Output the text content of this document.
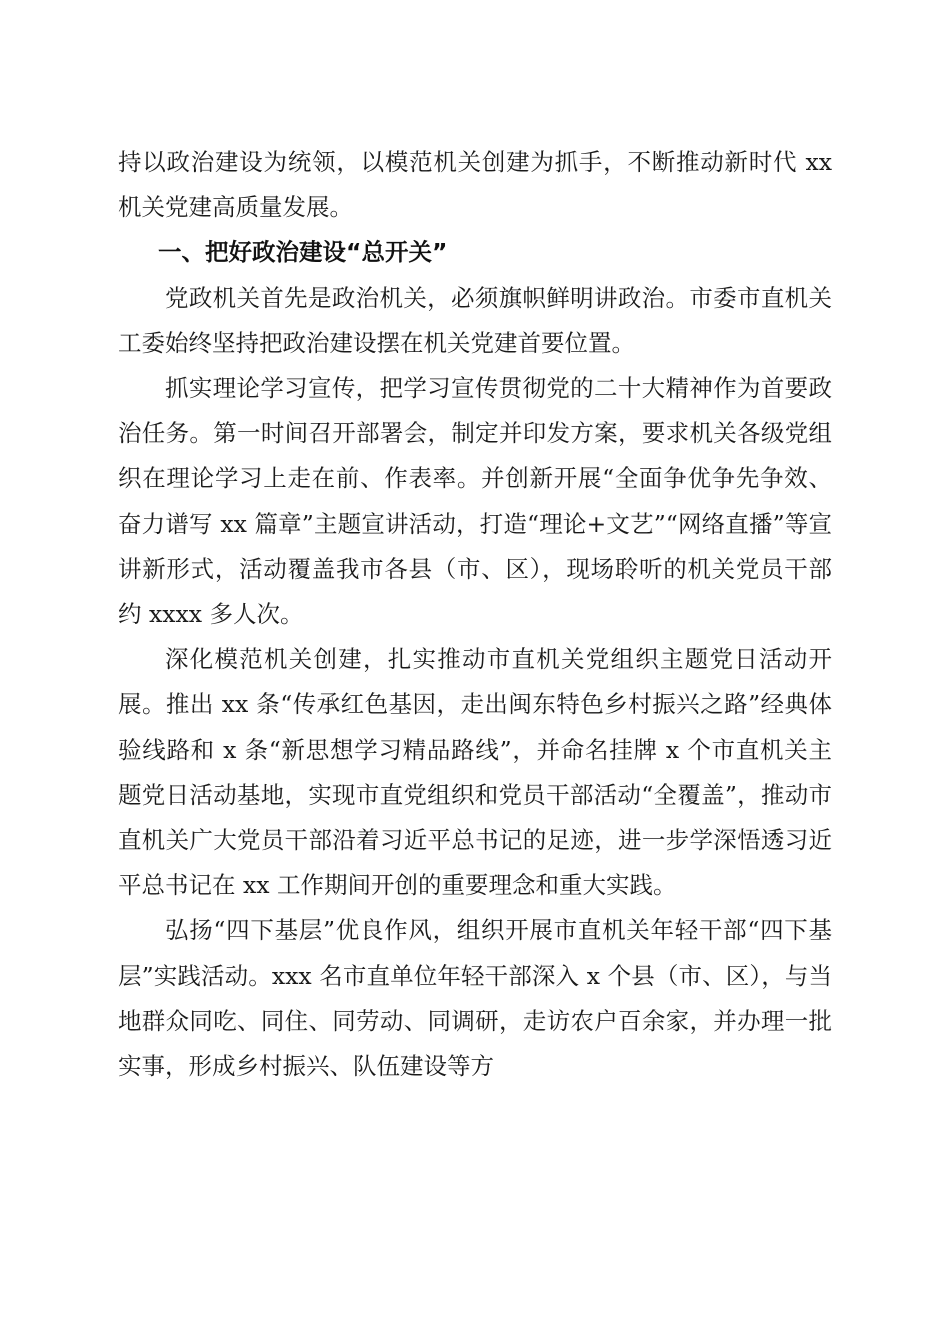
持以政治建设为统领，以模范机关创建为抓手，不断推动新时代 xx 机关党建高质量发展。

一、把好政治建设“总开关”

党政机关首先是政治机关，必须旗帜鲜明讲政治。市委市直机关工委始终坚持把政治建设摆在机关党建首要位置。

抓实理论学习宣传，把学习宣传贯彻党的二十大精神作为首要政治任务。第一时间召开部署会，制定并印发方案，要求机关各级党组织在理论学习上走在前、作表率。并创新开展“全面争优争先争效、奋力谱写 xx 篇章”主题宣讲活动，打造“理论+文艺”“网络直播”等宣讲新形式，活动覆盖我市各县（市、区），现场聆听的机关党员干部约 xxxx 多人次。

深化模范机关创建，扎实推动市直机关党组织主题党日活动开展。推出 xx 条“传承红色基因，走出闽东特色乡村振兴之路”经典体验线路和 x 条“新思想学习精品路线”，并命名挂牌 x 个市直机关主题党日活动基地，实现市直党组织和党员干部活动“全覆盖”，推动市直机关广大党员干部沿着习近平总书记的足迹，进一步学深悟透习近平总书记在 xx 工作期间开创的重要理念和重大实践。

弘扬“四下基层”优良作风，组织开展市直机关年轻干部“四下基层”实践活动。xxx 名市直单位年轻干部深入 x 个县（市、区），与当地群众同吃、同住、同劳动、同调研，走访农户百余家，并办理一批实事，形成乡村振兴、队伍建设等方
